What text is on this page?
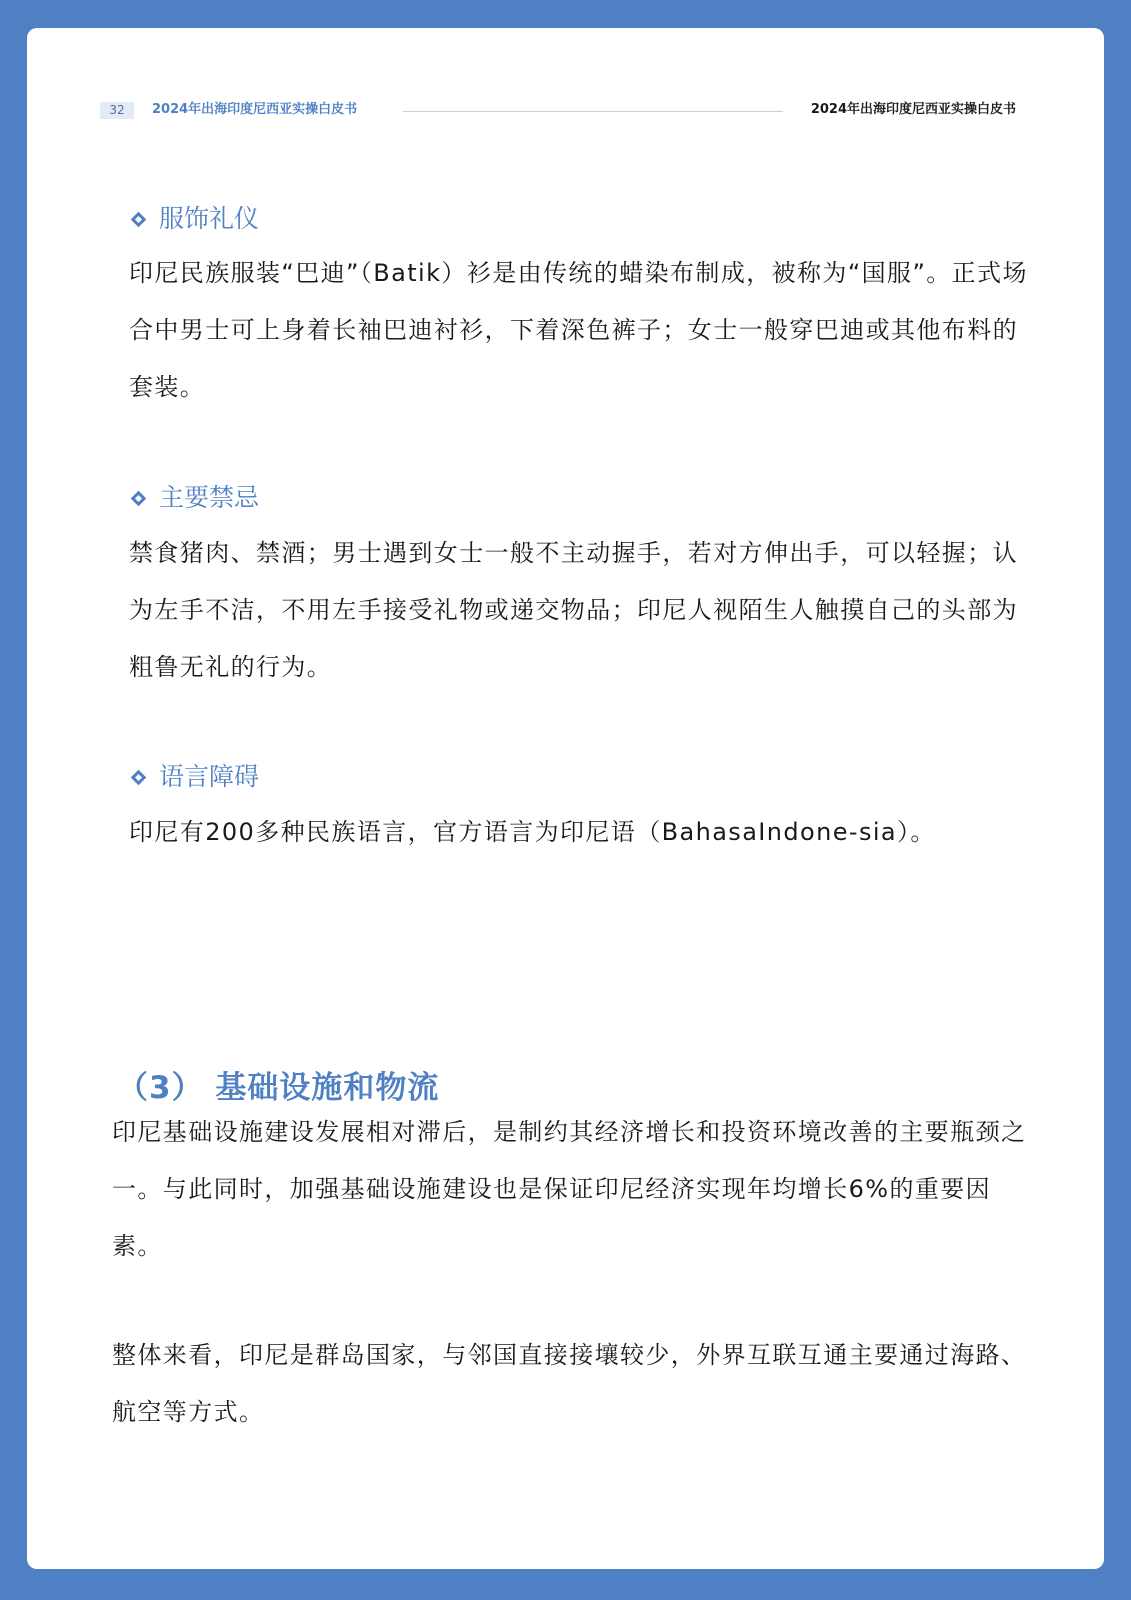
32	2024年出海印度尼西亚实操白皮书	2024年出海印度尼西亚实操白皮书
服饰礼仪

印尼民族服装“巴迪”（Batik）衫是由传统的蜡染布制成，被称为“国服”。正式场合中男士可上身着长袖巴迪衬衫，下着深色裤子；女士一般穿巴迪或其他布料的套装。

主要禁忌

禁食猪肉、禁酒；男士遇到女士一般不主动握手，若对方伸出手，可以轻握；认为左手不洁，不用左手接受礼物或递交物品；印尼人视陌生人触摸自己的头部为粗鲁无礼的行为。

语言障碍

印尼有200多种民族语言，官方语言为印尼语（BahasaIndone-sia）。

（3） 基础设施和物流

印尼基础设施建设发展相对滞后，是制约其经济增长和投资环境改善的主要瓶颈之一。与此同时，加强基础设施建设也是保证印尼经济实现年均增长6%的重要因素。

整体来看，印尼是群岛国家，与邻国直接接壤较少，外界互联互通主要通过海路、航空等方式。
